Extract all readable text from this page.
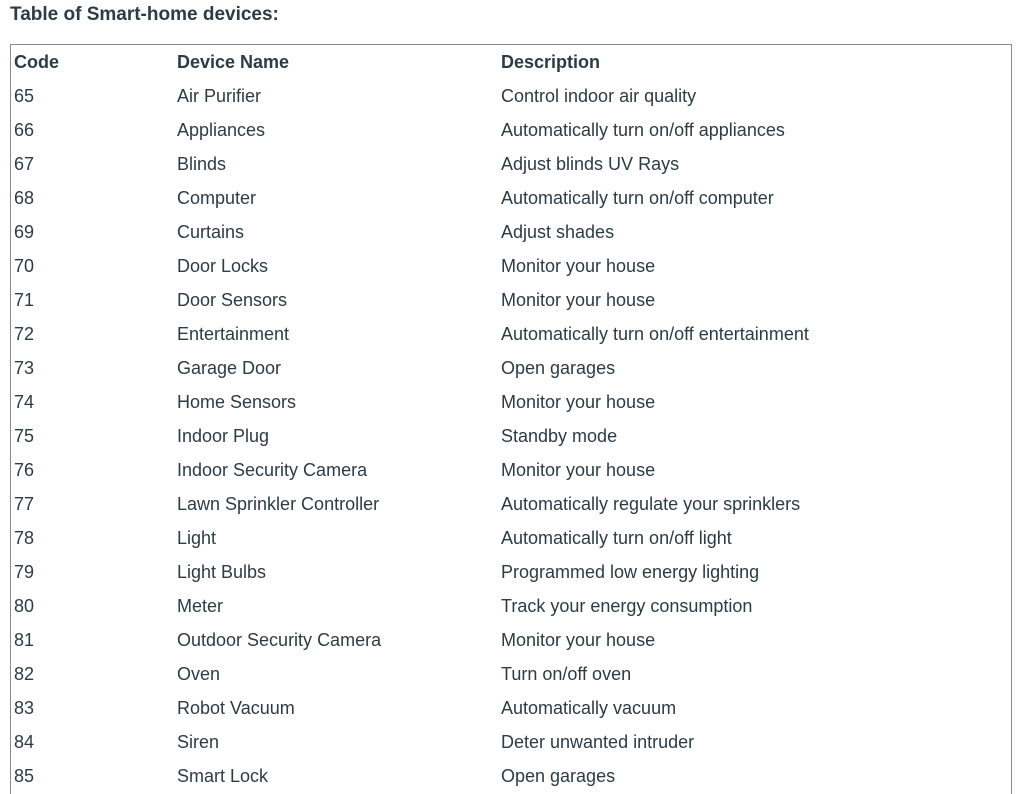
Table of Smart-home devices:
Code	Device Name	Description
65	Air Purifier	Control indoor air quality
66	Appliances	Automatically turn on/off appliances
67	Blinds	Adjust blinds UV Rays
68	Computer	Automatically turn on/off computer
69	Curtains	Adjust shades
70	Door Locks	Monitor your house
71	Door Sensors	Monitor your house
72	Entertainment	Automatically turn on/off entertainment
73	Garage Door	Open garages
74	Home Sensors	Monitor your house
75	Indoor Plug	Standby mode
76	Indoor Security Camera	Monitor your house
77	Lawn Sprinkler Controller	Automatically regulate your sprinklers
78	Light	Automatically turn on/off light
79	Light Bulbs	Programmed low energy lighting
80	Meter	Track your energy consumption
81	Outdoor Security Camera	Monitor your house
82	Oven	Turn on/off oven
83	Robot Vacuum	Automatically vacuum
84	Siren	Deter unwanted intruder
85	Smart Lock	Open garages
